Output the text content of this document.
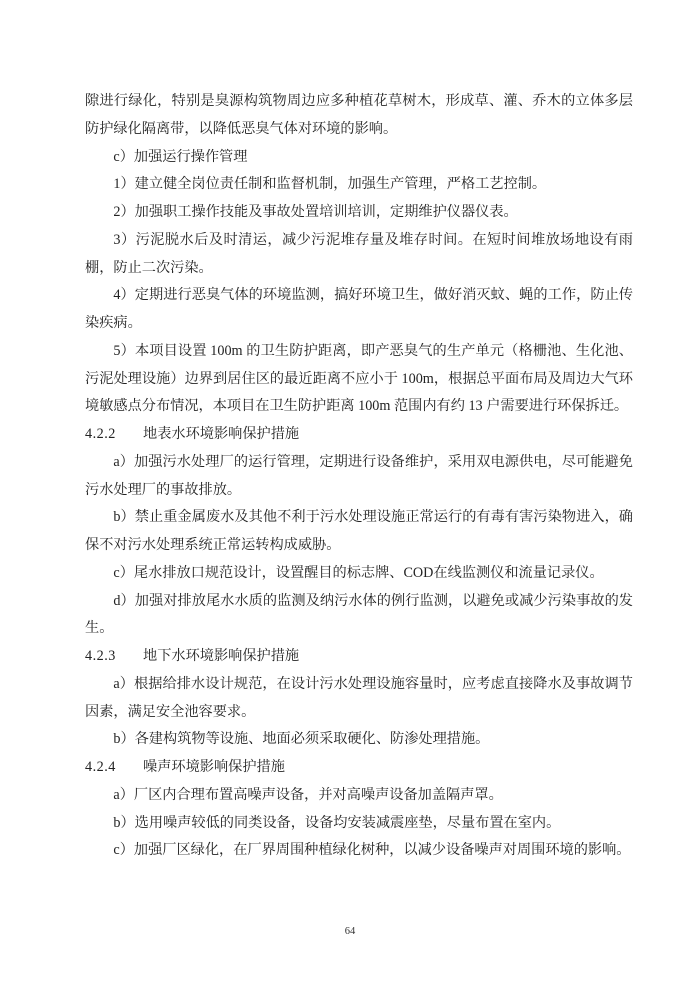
隙进行绿化，特别是臭源构筑物周边应多种植花草树木，形成草、灌、乔木的立体多层防护绿化隔离带，以降低恶臭气体对环境的影响。

c）加强运行操作管理

1）建立健全岗位责任制和监督机制，加强生产管理，严格工艺控制。

2）加强职工操作技能及事故处置培训培训，定期维护仪器仪表。

3）污泥脱水后及时清运，减少污泥堆存量及堆存时间。在短时间堆放场地设有雨棚，防止二次污染。

4）定期进行恶臭气体的环境监测，搞好环境卫生，做好消灭蚊、蝇的工作，防止传染疾病。

5）本项目设置 100m 的卫生防护距离，即产恶臭气的生产单元（格栅池、生化池、污泥处理设施）边界到居住区的最近距离不应小于 100m，根据总平面布局及周边大气环境敏感点分布情况，本项目在卫生防护距离 100m 范围内有约 13 户需要进行环保拆迁。

4.2.2 地表水环境影响保护措施

a）加强污水处理厂的运行管理，定期进行设备维护，采用双电源供电，尽可能避免污水处理厂的事故排放。

b）禁止重金属废水及其他不利于污水处理设施正常运行的有毒有害污染物进入，确保不对污水处理系统正常运转构成威胁。

c）尾水排放口规范设计，设置醒目的标志牌、COD在线监测仪和流量记录仪。

d）加强对排放尾水水质的监测及纳污水体的例行监测，以避免或减少污染事故的发生。

4.2.3 地下水环境影响保护措施

a）根据给排水设计规范，在设计污水处理设施容量时，应考虑直接降水及事故调节因素，满足安全池容要求。

b）各建构筑物等设施、地面必须采取硬化、防渗处理措施。

4.2.4 噪声环境影响保护措施

a）厂区内合理布置高噪声设备，并对高噪声设备加盖隔声罩。

b）选用噪声较低的同类设备，设备均安装减震座垫，尽量布置在室内。

c）加强厂区绿化，在厂界周围种植绿化树种，以减少设备噪声对周围环境的影响。

64
